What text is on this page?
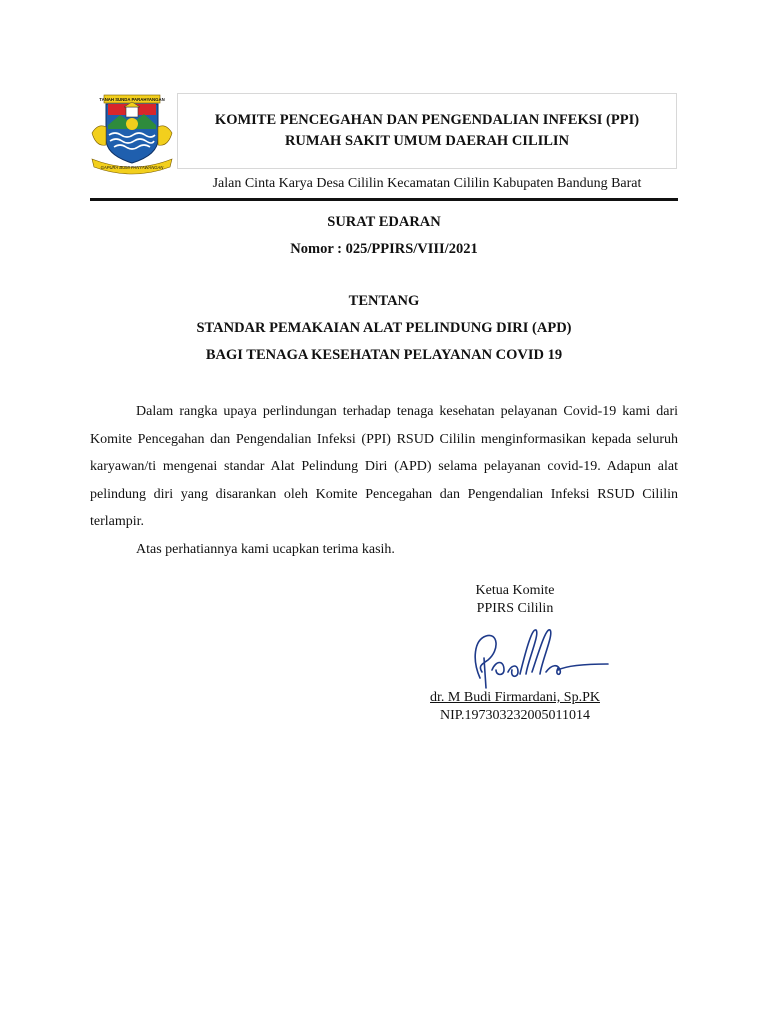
TANAH SUNDA PARAHYANGAN
GAPURA BUMI PANYAWANGAN
KOMITE PENCEGAHAN DAN PENGENDALIAN INFEKSI (PPI)
RUMAH SAKIT UMUM DAERAH CILILIN
Jalan Cinta Karya Desa Cililin Kecamatan Cililin Kabupaten Bandung Barat
SURAT EDARAN
Nomor : 025/PPIRS/VIII/2021
TENTANG
STANDAR PEMAKAIAN ALAT PELINDUNG DIRI (APD)
BAGI TENAGA KESEHATAN PELAYANAN COVID 19

Dalam rangka upaya perlindungan terhadap tenaga kesehatan pelayanan Covid-19 kami dari Komite Pencegahan dan Pengendalian Infeksi (PPI) RSUD Cililin menginformasikan kepada seluruh karyawan/ti mengenai standar Alat Pelindung Diri (APD) selama pelayanan covid-19. Adapun alat pelindung diri yang disarankan oleh Komite Pencegahan dan Pengendalian Infeksi RSUD Cililin terlampir.

Atas perhatiannya kami ucapkan terima kasih.

Ketua Komite
PPIRS Cililin
dr. M Budi Firmardani, Sp.PK
NIP.197303232005011014
